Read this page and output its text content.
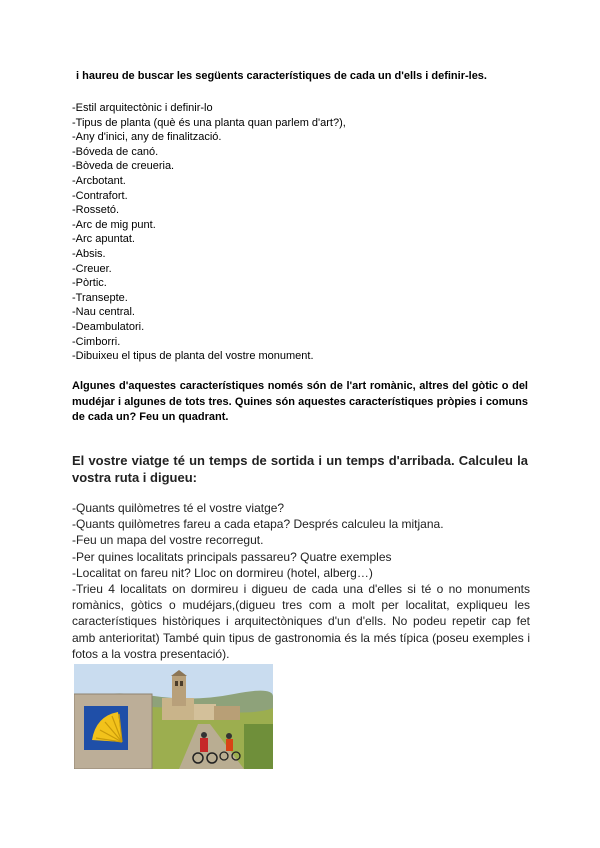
i haureu de buscar les següents característiques de cada un d'ells i definir-les.
-Estil arquitectònic i definir-lo
-Tipus de planta (què és una planta quan parlem d'art?),
-Any d'inici, any de finalització.
-Bóveda de canó.
-Bòveda de creueria.
-Arcbotant.
-Contrafort.
-Rossetó.
-Arc de mig punt.
-Arc apuntat.
-Absis.
-Creuer.
-Pòrtic.
-Transepte.
-Nau central.
-Deambulatori.
-Cimborri.
-Dibuixeu el tipus de planta del vostre monument.

Algunes d'aquestes característiques només són de l'art romànic, altres del gòtic o del mudéjar i algunes de tots tres. Quines són aquestes característiques pròpies i comuns de cada un? Feu un quadrant.

El vostre viatge té un temps de sortida i un temps d'arribada. Calculeu la vostra ruta i digueu:

-Quants quilòmetres té el vostre viatge?
-Quants quilòmetres fareu a cada etapa? Després calculeu la mitjana.
-Feu un mapa del vostre recorregut.
-Per quines localitats principals passareu? Quatre exemples
-Localitat on fareu nit? Lloc on dormireu (hotel, alberg…)
-Trieu 4 localitats on dormireu i digueu de cada una d'elles si té o no monuments romànics, gòtics o mudéjars,(digueu tres com a molt per localitat, expliqueu les característiques històriques i arquitectòniques d'un d'ells. No podeu repetir cap fet amb anterioritat) També quin tipus de gastronomia és la més típica (poseu exemples i fotos a la vostra presentació).
